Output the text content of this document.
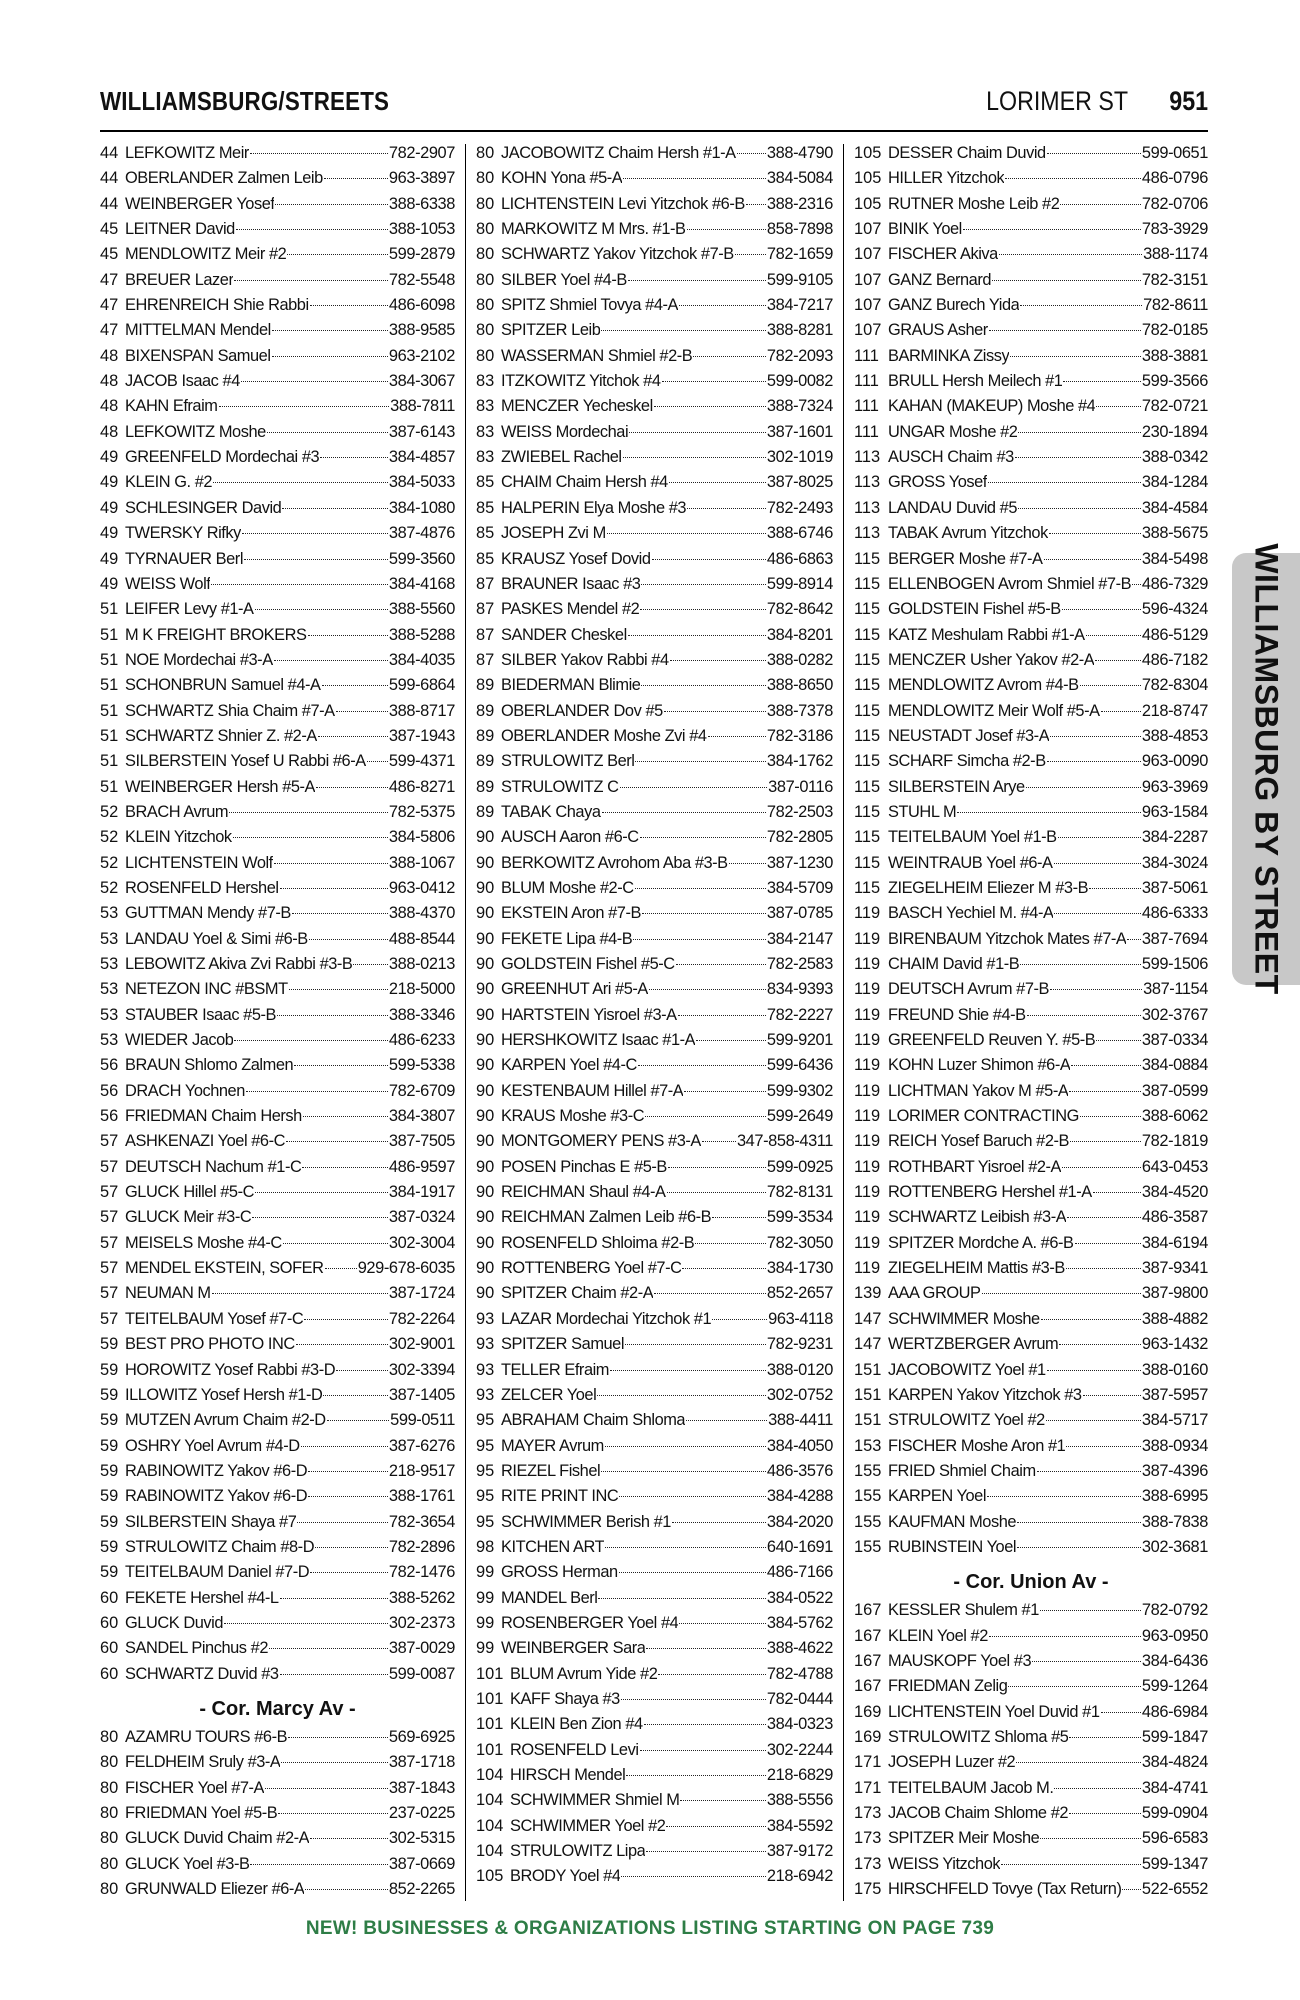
WILLIAMSBURG/STREETS	LORIMER ST 951
44 LEFKOWITZ Meir	782-2907
44 OBERLANDER Zalmen Leib	963-3897
44 WEINBERGER Yosef	388-6338
45 LEITNER David	388-1053
45 MENDLOWITZ Meir #2	599-2879
47 BREUER Lazer	782-5548
47 EHRENREICH Shie Rabbi	486-6098
47 MITTELMAN Mendel	388-9585
48 BIXENSPAN Samuel	963-2102
48 JACOB Isaac #4	384-3067
48 KAHN Efraim	388-7811
48 LEFKOWITZ Moshe	387-6143
49 GREENFELD Mordechai #3	384-4857
49 KLEIN G. #2	384-5033
49 SCHLESINGER David	384-1080
49 TWERSKY Rifky	387-4876
49 TYRNAUER Berl	599-3560
49 WEISS Wolf	384-4168
51 LEIFER Levy #1-A	388-5560
51 M K FREIGHT BROKERS	388-5288
51 NOE Mordechai #3-A	384-4035
51 SCHONBRUN Samuel #4-A	599-6864
51 SCHWARTZ Shia Chaim #7-A	388-8717
51 SCHWARTZ Shnier Z. #2-A	387-1943
51 SILBERSTEIN Yosef U Rabbi #6-A 599-4371
51 WEINBERGER Hersh #5-A	486-8271
52 BRACH Avrum	782-5375
52 KLEIN Yitzchok	384-5806
52 LICHTENSTEIN Wolf	388-1067
52 ROSENFELD Hershel	963-0412
53 GUTTMAN Mendy #7-B	388-4370
53 LANDAU Yoel & Simi #6-B	488-8544
53 LEBOWITZ Akiva Zvi Rabbi #3-B 388-0213
53 NETEZON INC #BSMT	218-5000
53 STAUBER Isaac #5-B	388-3346
53 WIEDER Jacob	486-6233
56 BRAUN Shlomo Zalmen	599-5338
56 DRACH Yochnen	782-6709
56 FRIEDMAN Chaim Hersh	384-3807
57 ASHKENAZI Yoel #6-C	387-7505
57 DEUTSCH Nachum #1-C	486-9597
57 GLUCK Hillel #5-C	384-1917
57 GLUCK Meir #3-C	387-0324
57 MEISELS Moshe #4-C	302-3004
57 MENDEL EKSTEIN, SOFER 929-678-6035
57 NEUMAN M	387-1724
57 TEITELBAUM Yosef #7-C	782-2264
59 BEST PRO PHOTO INC	302-9001
59 HOROWITZ Yosef Rabbi #3-D	302-3394
59 ILLOWITZ Yosef Hersh #1-D	387-1405
59 MUTZEN Avrum Chaim #2-D	599-0511
59 OSHRY Yoel Avrum #4-D	387-6276
59 RABINOWITZ Yakov #6-D	218-9517
59 RABINOWITZ Yakov #6-D	388-1761
59 SILBERSTEIN Shaya #7	782-3654
59 STRULOWITZ Chaim #8-D	782-2896
59 TEITELBAUM Daniel #7-D	782-1476
60 FEKETE Hershel #4-L	388-5262
60 GLUCK Duvid	302-2373
60 SANDEL Pinchus #2	387-0029
60 SCHWARTZ Duvid #3	599-0087
- Cor. Marcy Av -
80 AZAMRU TOURS #6-B	569-6925
80 FELDHEIM Sruly #3-A	387-1718
80 FISCHER Yoel #7-A	387-1843
80 FRIEDMAN Yoel #5-B	237-0225
80 GLUCK Duvid Chaim #2-A	302-5315
80 GLUCK Yoel #3-B	387-0669
80 GRUNWALD Eliezer #6-A	852-2265
80 JACOBOWITZ Chaim Hersh #1-A 388-4790
80 KOHN Yona #5-A	384-5084
80 LICHTENSTEIN Levi Yitzchok #6-B 388-2316
80 MARKOWITZ M Mrs. #1-B	858-7898
80 SCHWARTZ Yakov Yitzchok #7-B 782-1659
80 SILBER Yoel #4-B	599-9105
80 SPITZ Shmiel Tovya #4-A	384-7217
80 SPITZER Leib	388-8281
80 WASSERMAN Shmiel #2-B	782-2093
83 ITZKOWITZ Yitchok #4	599-0082
83 MENCZER Yecheskel	388-7324
83 WEISS Mordechai	387-1601
83 ZWIEBEL Rachel	302-1019
85 CHAIM Chaim Hersh #4	387-8025
85 HALPERIN Elya Moshe #3	782-2493
85 JOSEPH Zvi M	388-6746
85 KRAUSZ Yosef Dovid	486-6863
87 BRAUNER Isaac #3	599-8914
87 PASKES Mendel #2	782-8642
87 SANDER Cheskel	384-8201
87 SILBER Yakov Rabbi #4	388-0282
89 BIEDERMAN Blimie	388-8650
89 OBERLANDER Dov #5	388-7378
89 OBERLANDER Moshe Zvi #4	782-3186
89 STRULOWITZ Berl	384-1762
89 STRULOWITZ C	387-0116
89 TABAK Chaya	782-2503
90 AUSCH Aaron #6-C	782-2805
90 BERKOWITZ Avrohom Aba #3-B 387-1230
90 BLUM Moshe #2-C	384-5709
90 EKSTEIN Aron #7-B	387-0785
90 FEKETE Lipa #4-B	384-2147
90 GOLDSTEIN Fishel #5-C	782-2583
90 GREENHUT Ari #5-A	834-9393
90 HARTSTEIN Yisroel #3-A	782-2227
90 HERSHKOWITZ Isaac #1-A	599-9201
90 KARPEN Yoel #4-C	599-6436
90 KESTENBAUM Hillel #7-A	599-9302
90 KRAUS Moshe #3-C	599-2649
90 MONTGOMERY PENS #3-A 347-858-4311
90 POSEN Pinchas E #5-B	599-0925
90 REICHMAN Shaul #4-A	782-8131
90 REICHMAN Zalmen Leib #6-B	599-3534
90 ROSENFELD Shloima #2-B	782-3050
90 ROTTENBERG Yoel #7-C	384-1730
90 SPITZER Chaim #2-A	852-2657
93 LAZAR Mordechai Yitzchok #1	963-4118
93 SPITZER Samuel	782-9231
93 TELLER Efraim	388-0120
93 ZELCER Yoel	302-0752
95 ABRAHAM Chaim Shloma	388-4411
95 MAYER Avrum	384-4050
95 RIEZEL Fishel	486-3576
95 RITE PRINT INC	384-4288
95 SCHWIMMER Berish #1	384-2020
98 KITCHEN ART	640-1691
99 GROSS Herman	486-7166
99 MANDEL Berl	384-0522
99 ROSENBERGER Yoel #4	384-5762
99 WEINBERGER Sara	388-4622
101 BLUM Avrum Yide #2	782-4788
101 KAFF Shaya #3	782-0444
101 KLEIN Ben Zion #4	384-0323
101 ROSENFELD Levi	302-2244
104 HIRSCH Mendel	218-6829
104 SCHWIMMER Shmiel M	388-5556
104 SCHWIMMER Yoel #2	384-5592
104 STRULOWITZ Lipa	387-9172
105 BRODY Yoel #4	218-6942
105 DESSER Chaim Duvid	599-0651
105 HILLER Yitzchok	486-0796
105 RUTNER Moshe Leib #2	782-0706
107 BINIK Yoel	783-3929
107 FISCHER Akiva	388-1174
107 GANZ Bernard	782-3151
107 GANZ Burech Yida	782-8611
107 GRAUS Asher	782-0185
111 BARMINKA Zissy	388-3881
111 BRULL Hersh Meilech #1	599-3566
111 KAHAN (MAKEUP) Moshe #4	782-0721
111 UNGAR Moshe #2	230-1894
113 AUSCH Chaim #3	388-0342
113 GROSS Yosef	384-1284
113 LANDAU Duvid #5	384-4584
113 TABAK Avrum Yitzchok	388-5675
115 BERGER Moshe #7-A	384-5498
115 ELLENBOGEN Avrom Shmiel #7-B 486-7329
115 GOLDSTEIN Fishel #5-B	596-4324
115 KATZ Meshulam Rabbi #1-A	486-5129
115 MENCZER Usher Yakov #2-A	486-7182
115 MENDLOWITZ Avrom #4-B	782-8304
115 MENDLOWITZ Meir Wolf #5-A	218-8747
115 NEUSTADT Josef #3-A	388-4853
115 SCHARF Simcha #2-B	963-0090
115 SILBERSTEIN Arye	963-3969
115 STUHL M	963-1584
115 TEITELBAUM Yoel #1-B	384-2287
115 WEINTRAUB Yoel #6-A	384-3024
115 ZIEGELHEIM Eliezer M #3-B	387-5061
119 BASCH Yechiel M. #4-A	486-6333
119 BIRENBAUM Yitzchok Mates #7-A 387-7694
119 CHAIM David #1-B	599-1506
119 DEUTSCH Avrum #7-B	387-1154
119 FREUND Shie #4-B	302-3767
119 GREENFELD Reuven Y. #5-B	387-0334
119 KOHN Luzer Shimon #6-A	384-0884
119 LICHTMAN Yakov M #5-A	387-0599
119 LORIMER CONTRACTING	388-6062
119 REICH Yosef Baruch #2-B	782-1819
119 ROTHBART Yisroel #2-A	643-0453
119 ROTTENBERG Hershel #1-A	384-4520
119 SCHWARTZ Leibish #3-A	486-3587
119 SPITZER Mordche A. #6-B	384-6194
119 ZIEGELHEIM Mattis #3-B	387-9341
139 AAA GROUP	387-9800
147 SCHWIMMER Moshe	388-4882
147 WERTZBERGER Avrum	963-1432
151 JACOBOWITZ Yoel #1	388-0160
151 KARPEN Yakov Yitzchok #3	387-5957
151 STRULOWITZ Yoel #2	384-5717
153 FISCHER Moshe Aron #1	388-0934
155 FRIED Shmiel Chaim	387-4396
155 KARPEN Yoel	388-6995
155 KAUFMAN Moshe	388-7838
155 RUBINSTEIN Yoel	302-3681
- Cor. Union Av -
167 KESSLER Shulem #1	782-0792
167 KLEIN Yoel #2	963-0950
167 MAUSKOPF Yoel #3	384-6436
167 FRIEDMAN Zelig	599-1264
169 LICHTENSTEIN Yoel Duvid #1	486-6984
169 STRULOWITZ Shloma #5	599-1847
171 JOSEPH Luzer #2	384-4824
171 TEITELBAUM Jacob M.	384-4741
173 JACOB Chaim Shlome #2	599-0904
173 SPITZER Meir Moshe	596-6583
173 WEISS Yitzchok	599-1347
175 HIRSCHFELD Tovye (Tax Return) 522-6552
WILLIAMSBURG BY STREET
NEW! BUSINESSES & ORGANIZATIONS LISTING STARTING ON PAGE 739
